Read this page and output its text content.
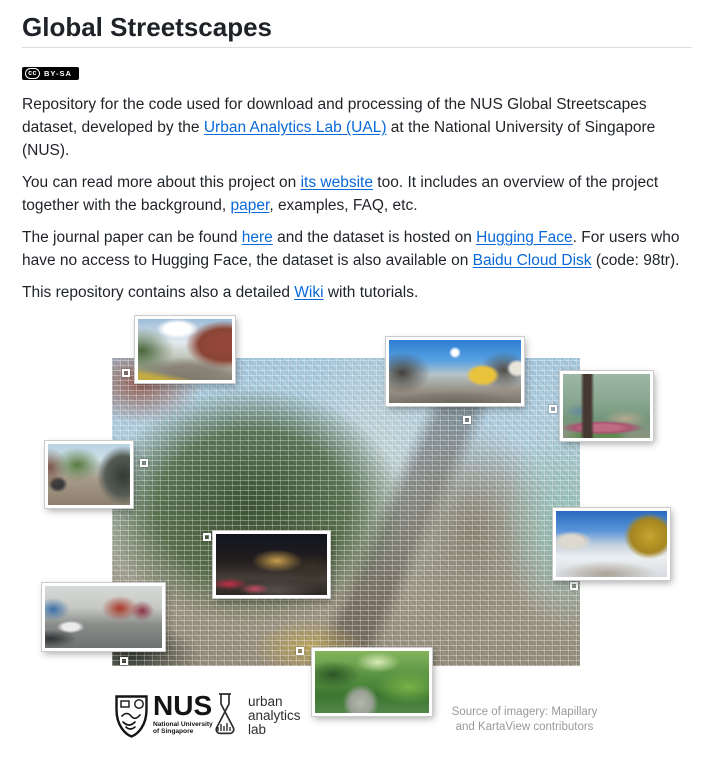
Global Streetscapes

cc BY-SA

Repository for the code used for download and processing of the NUS Global Streetscapes dataset, developed by the Urban Analytics Lab (UAL) at the National University of Singapore (NUS).

You can read more about this project on its website too. It includes an overview of the project together with the background, paper, examples, FAQ, etc.

The journal paper can be found here and the dataset is hosted on Hugging Face. For users who have no access to Hugging Face, the dataset is also available on Baidu Cloud Disk (code: 98tr).

This repository contains also a detailed Wiki with tutorials.

NUS
National University
of Singapore
urban
analytics
lab
Source of imagery: Mapillary
and KartaView contributors
